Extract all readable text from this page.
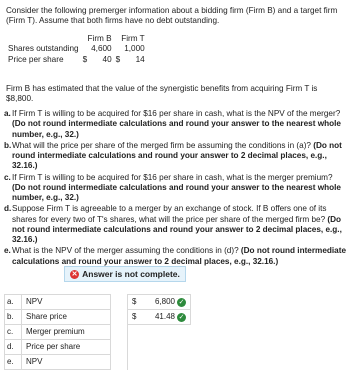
Consider the following premerger information about a bidding firm (Firm B) and a target firm (Firm T). Assume that both firms have no debt outstanding.
	Firm B		Firm T	
Shares outstanding		4,600		1,000
Price per share	$	40	$	14
Firm B has estimated that the value of the synergistic benefits from acquiring Firm T is $8,800.
a. If Firm T is willing to be acquired for $16 per share in cash, what is the NPV of the merger? (Do not round intermediate calculations and round your answer to the nearest whole number, e.g., 32.)
b. What will the price per share of the merged firm be assuming the conditions in (a)? (Do not round intermediate calculations and round your answer to 2 decimal places, e.g., 32.16.)
c. If Firm T is willing to be acquired for $16 per share in cash, what is the merger premium? (Do not round intermediate calculations and round your answer to the nearest whole number, e.g., 32.)
d. Suppose Firm T is agreeable to a merger by an exchange of stock. If B offers one of its shares for every two of T's shares, what will the price per share of the merged firm be? (Do not round intermediate calculations and round your answer to 2 decimal places, e.g., 32.16.)
e. What is the NPV of the merger assuming the conditions in (d)? (Do not round intermediate calculations and round your answer to 2 decimal places, e.g., 32.16.)
✕ Answer is not complete.
a.	NPV		$	6,800 ✓

b.	Share price		$	41.48 ✓

c.	Merger premium			
d.	Price per share			
e.	NPV			
